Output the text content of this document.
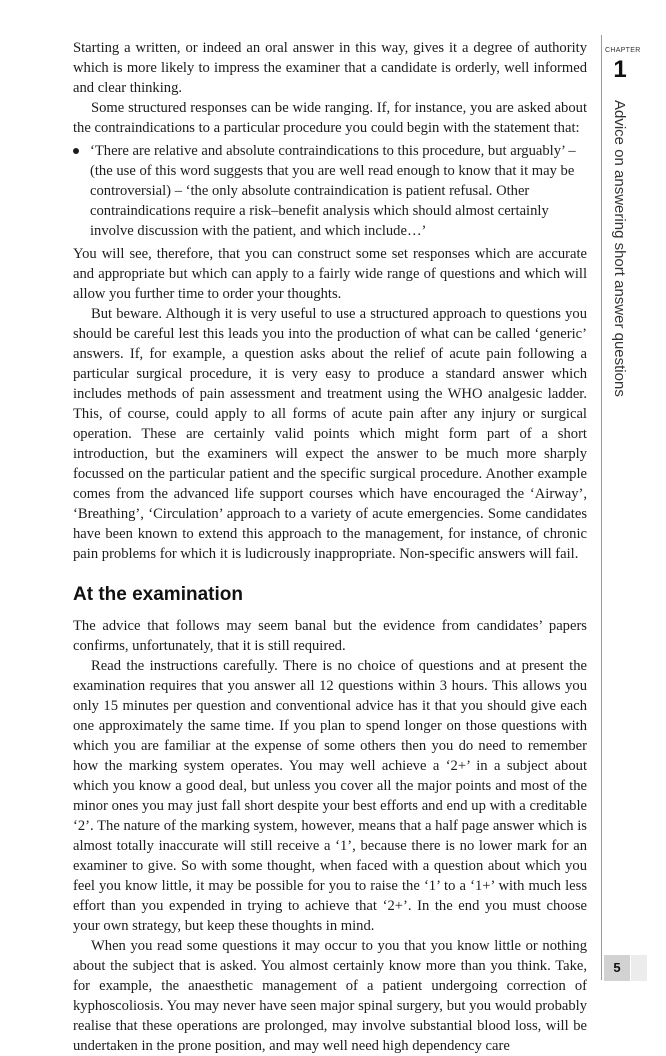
Starting a written, or indeed an oral answer in this way, gives it a degree of authority which is more likely to impress the examiner that a candidate is orderly, well informed and clear thinking.

Some structured responses can be wide ranging. If, for instance, you are asked about the contraindications to a particular procedure you could begin with the statement that:

‘There are relative and absolute contraindications to this procedure, but arguably’ – (the use of this word suggests that you are well read enough to know that it may be controversial) – ‘the only absolute contraindication is patient refusal. Other contraindications require a risk–benefit analysis which should almost certainly involve discussion with the patient, and which include…’

You will see, therefore, that you can construct some set responses which are accurate and appropriate but which can apply to a fairly wide range of questions and which will allow you further time to order your thoughts.

But beware. Although it is very useful to use a structured approach to questions you should be careful lest this leads you into the production of what can be called ‘generic’ answers. If, for example, a question asks about the relief of acute pain following a particular surgical procedure, it is very easy to produce a standard answer which includes methods of pain assessment and treatment using the WHO analgesic ladder. This, of course, could apply to all forms of acute pain after any injury or surgical operation. These are certainly valid points which might form part of a short introduction, but the examiners will expect the answer to be much more sharply focussed on the particular patient and the specific surgical procedure. Another example comes from the advanced life support courses which have encouraged the ‘Airway’, ‘Breathing’, ‘Circulation’ approach to a variety of acute emergencies. Some candidates have been known to extend this approach to the management, for instance, of chronic pain problems for which it is ludicrously inappropriate. Non-specific answers will fail.

At the examination

The advice that follows may seem banal but the evidence from candidates’ papers confirms, unfortunately, that it is still required.

Read the instructions carefully. There is no choice of questions and at present the examination requires that you answer all 12 questions within 3 hours. This allows you only 15 minutes per question and conventional advice has it that you should give each one approximately the same time. If you plan to spend longer on those questions with which you are familiar at the expense of some others then you do need to remember how the marking system operates. You may well achieve a ‘2+’ in a subject about which you know a good deal, but unless you cover all the major points and most of the minor ones you may just fall short despite your best efforts and end up with a creditable ‘2’. The nature of the marking system, however, means that a half page answer which is almost totally inaccurate will still receive a ‘1’, because there is no lower mark for an examiner to give. So with some thought, when faced with a question about which you feel you know little, it may be possible for you to raise the ‘1’ to a ‘1+’ with much less effort than you expended in trying to achieve that ‘2+’. In the end you must choose your own strategy, but keep these thoughts in mind.

When you read some questions it may occur to you that you know little or nothing about the subject that is asked. You almost certainly know more than you think. Take, for example, the anaesthetic management of a patient undergoing correction of kyphoscoliosis. You may never have seen major spinal surgery, but you would probably realise that these operations are prolonged, may involve substantial blood loss, will be undertaken in the prone position, and may well need high dependency care

CHAPTER
1
Advice on answering short answer questions
5
